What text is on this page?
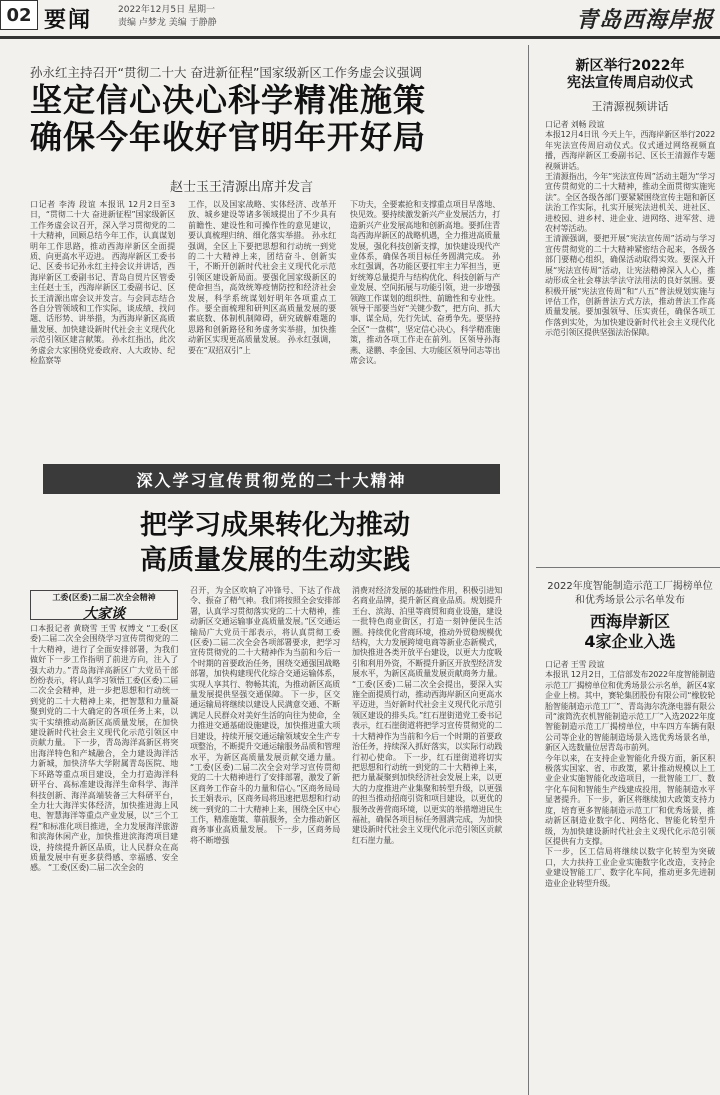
02 要闻	2022年12月5日 星期一
责编 卢梦龙 美编 于静静	青岛西海岸报
孙永红主持召开“贯彻二十大 奋进新征程”国家级新区工作务虚会议强调
坚定信心决心科学精准施策
确保今年收好官明年开好局
赵士玉王清源出席并发言
口记者 李涛 段谊 本报讯 12月2日至3日，“贯彻二十大 奋进新征程”国家级新区工作务虚会议召开，深入学习贯彻党的二十大精神，回顾总结今年工作，认真谋划明年工作思路，推动西海岸新区全面提质、向更高水平迈进。 西海岸新区工委书记、区委书记孙永红主持会议并讲话，西海岸新区工委副书记、青岛自贸片区管委主任赵士玉，西海岸新区工委副书记、区长王清源出席会议并发言。与会同志结合各自分管领域和工作实际，谈成绩、找问题、话形势、讲举措，为西海岸新区高质量发展、加快建设新时代社会主义现代化示范引领区建言献策。 孙永红指出，此次务虚会大家围绕党委政府、人大政协、纪检监察等
工作，以及国家战略、实体经济、改革开放、城乡建设等诸多领域提出了不少具有前瞻性、建设性和可操作性的意见建议，要认真梳理归纳、细化落实举措。 孙永红强调，全区上下要把思想和行动统一到党的二十大精神上来，团结奋斗、创新实干，不断开创新时代社会主义现代化示范引领区建设新局面。要强化国家级新区的使命担当，高效统筹疫情防控和经济社会发展，科学系统谋划好明年各项重点工作。要全面梳理和研判区高质量发展的要素底数、体制机制障碍，研究破解难题的思路和创新路径和务虚务实举措，加快推动新区实现更高质量发展。 孙永红强调，要在“双招双引”上
下功夫，全要素抢和支撑重点项目早落地、快见效。要持续激发新兴产业发展活力，打造新兴产业发展高地和创新高地。要抓住青岛西海岸新区的战略机遇，全力推进高质量发展，强化科技创新支撑，加快建设现代产业体系，确保各项目标任务圆满完成。 孙永红强调，各功能区要扛牢主力军担当，更好统筹总量提升与结构优化、科技创新与产业发展、空间拓展与功能引领，进一步增强领跑工作谋划的组织性、前瞻性和专业性。领导干部要当好“关键少数”，把方向、抓大事、谋全局，先行先试、奋勇争先。要坚持全区“一盘棋”，坚定信心决心，科学精准施策，推动各项工作走在前列。 区领导孙海燕、逯鹏、李金国、大功能区领导同志等出席会议。
新区举行2022年
宪法宣传周启动仪式
王清源视频讲话
口记者 刘畅 段谊
本报12月4日讯 今天上午，西海岸新区举行2022年宪法宣传周启动仪式。仪式通过网络视频直播，西海岸新区工委副书记、区长王清源作专题视频讲话。
王清源指出，今年“宪法宣传周”活动主题为“学习宣传贯彻党的二十大精神，推动全面贯彻实施宪法”。全区各级各部门要紧紧围绕宣传主题和新区法治工作实际，扎实开展宪法进机关、进社区、进校园、进乡村、进企业、进网络、进军营、进农村等活动。
王清源强调，要把开展“宪法宣传周”活动与学习宣传贯彻党的二十大精神紧密结合起来，各级各部门要精心组织，确保活动取得实效。要深入开展“宪法宣传周”活动，让宪法精神深入人心，推动形成全社会尊法学法守法用法的良好氛围。要积极开展“宪法宣传周”和“八五”普法规划实施与评估工作，创新普法方式方法，推动普法工作高质量发展。要加强领导、压实责任，确保各项工作落到实处，为加快建设新时代社会主义现代化示范引领区提供坚强法治保障。
深入学习宣传贯彻党的二十大精神
把学习成果转化为推动
高质量发展的生动实践
工委(区委)二届二次全会精神
大家谈
口本报记者 黄晓雪 王雪 权博文 “工委(区委)二届二次全会围绕学习宣传贯彻党的二十大精神，进行了全面安排部署，为我们做好下一步工作指明了前进方向，注入了强大动力。”青岛海洋高新区广大党员干部纷纷表示，将认真学习领悟工委(区委)二届二次全会精神，进一步把思想和行动统一到党的二十大精神上来，把智慧和力量凝聚到党的二十大确定的各项任务上来，以实干实绩推动高新区高质量发展，在加快建设新时代社会主义现代化示范引领区中贡献力量。 下一步，青岛海洋高新区将突出海洋特色和产城融合，全力建设海洋活力新城，加快济华大学附属青岛医院、地下环路等重点项目建设，全力打造海洋科研平台、高标准建设海洋生命科学、海洋科技创新、海洋高端装备三大科研平台，全力壮大海洋实体经济，加快推进海上风电、智慧海洋等重点产业发展，以“三个工程”和标准化项目推进，全力发展海洋旅游和滨海休闲产业，加快推进滨海湾项目建设，持续提升新区品质，让人民群众在高质量发展中有更多获得感、幸福感、安全感。 “工委(区委)二届二次全会的
召开，为全区吹响了冲锋号、下达了作战令、振奋了精气神。我们将按照全会安排部署，认真学习贯彻落实党的二十大精神，推动新区交通运输事业高质量发展。”区交通运输局广大党员干部表示，将认真贯彻工委(区委)二届二次全会各项部署要求，把学习宣传贯彻党的二十大精神作为当前和今后一个时期的首要政治任务，围绕交通强国战略部署，加快构建现代化综合交通运输体系，实现人享其行、物畅其流，为推动新区高质量发展提供坚强交通保障。 下一步，区交通运输局将继续以建设人民满意交通、不断满足人民群众对美好生活的向往为使命，全力推进交通基础设施建设，加快推进重大项目建设，持续开展交通运输领域安全生产专项整治，不断提升交通运输服务品质和管理水平，为新区高质量发展贡献交通力量。 “工委(区委)二届二次全会对学习宣传贯彻党的二十大精神进行了安排部署，激发了新区商务工作奋斗的力量和信心。”区商务局局长王娟表示，区商务局将迅速把思想和行动统一到党的二十大精神上来，围绕全区中心工作，精准施策、靠前服务，全力推动新区商务事业高质量发展。 下一步，区商务局将不断增强
消费对经济发展的基础性作用，积极引进知名商业品牌，提升新区商业品质。规划提升王台、滨海、泊里等商贸和商业设施，建设一批特色商业街区，打造一刻钟便民生活圈。持续优化营商环境，推动外贸稳规模优结构，大力发展跨境电商等新业态新模式，加快推进各类开放平台建设，以更大力度吸引和利用外资，不断提升新区开放型经济发展水平，为新区高质量发展贡献商务力量。 “工委(区委)二届二次全会提出，要深入实施全面提质行动，推动西海岸新区向更高水平迈进，当好新时代社会主义现代化示范引领区建设的排头兵。”红石崖街道党工委书记表示，红石崖街道将把学习宣传贯彻党的二十大精神作为当前和今后一个时期的首要政治任务，持续深入抓好落实，以实际行动践行初心使命。 下一步，红石崖街道将切实把思想和行动统一到党的二十大精神上来，把力量凝聚到加快经济社会发展上来，以更大的力度推进产业集聚和转型升级，以更强的担当推动招商引资和项目建设，以更优的服务改善营商环境，以更实的举措增进民生福祉，确保各项目标任务圆满完成，为加快建设新时代社会主义现代化示范引领区贡献红石崖力量。
2022年度智能制造示范工厂揭榜单位和优秀场景公示名单发布
西海岸新区
4家企业入选
口记者 王雪 段谊
本报讯 12月2日，工信部发布2022年度智能制造示范工厂揭榜单位和优秀场景公示名单，新区4家企业上榜。其中，赛轮集团股份有限公司“橡胶轮胎智能制造示范工厂”、青岛海尔洗涤电器有限公司“滚筒洗衣机智能制造示范工厂”入选2022年度智能制造示范工厂揭榜单位，中车四方车辆有限公司等企业的智能制造场景入选优秀场景名单，新区入选数量位居青岛市前列。
今年以来，在支持企业智能化升级方面，新区积极落实国家、省、市政策，累计推动规模以上工业企业实施智能化改造项目，一批智能工厂、数字化车间和智能生产线建成投用，智能制造水平显著提升。下一步，新区将继续加大政策支持力度，培育更多智能制造示范工厂和优秀场景，推动新区制造业数字化、网络化、智能化转型升级，为加快建设新时代社会主义现代化示范引领区提供有力支撑。
下一步，区工信局将继续以数字化转型为突破口，大力扶持工业企业实施数字化改造，支持企业建设智能工厂、数字化车间，推动更多先进制造业企业转型升级。
